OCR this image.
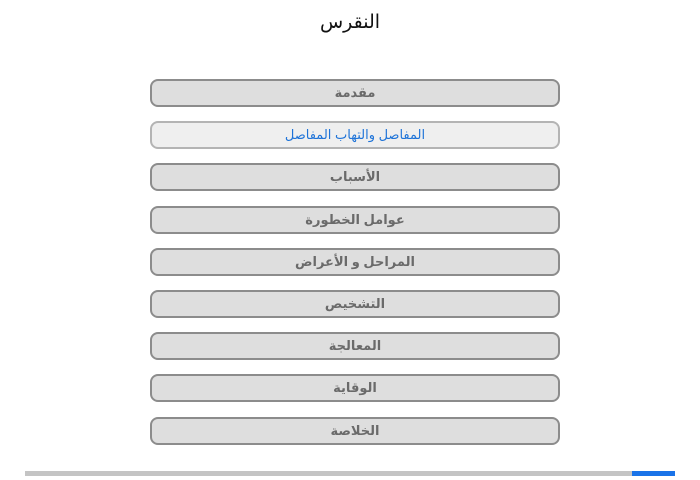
النقرس
مقدمة
المفاصل والتهاب المفاصل
الأسباب
عوامل الخطورة
المراحل و الأعراض
التشخيص
المعالجة
الوقاية
الخلاصة
